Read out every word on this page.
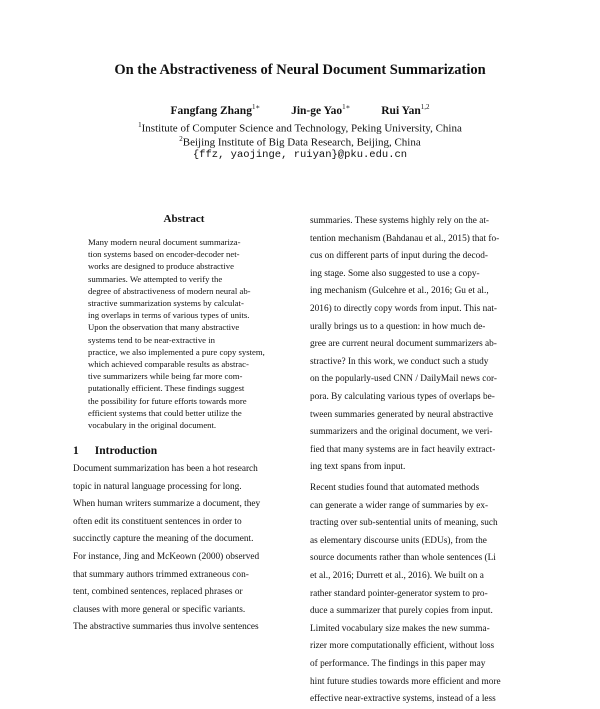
On the Abstractiveness of Neural Document Summarization
Fangfang Zhang$^{1∗}$	Jin-ge Yao$^{1∗}$	Rui Yan$^{1,2}$
$^1$Institute of Computer Science and Technology, Peking University, China
$^2$Beijing Institute of Big Data Research, Beijing, China
{ffz, yaojinge, ruiyan}@pku.edu.cn
Abstract
Many modern neural document summariza-
tion systems based on encoder-decoder net-
works are designed to produce abstractive
summaries. We attempted to verify the
degree of abstractiveness of modern neural ab-
stractive summarization systems by calculat-
ing overlaps in terms of various types of units.
Upon the observation that many abstractive
systems tend to be near-extractive in
practice, we also implemented a pure copy system,
which achieved comparable results as abstrac-
tive summarizers while being far more com-
putationally efficient. These findings suggest
the possibility for future efforts towards more
efficient systems that could better utilize the
vocabulary in the original document.
1 Introduction
Document summarization has been a hot research
topic in natural language processing for long.
When human writers summarize a document, they
often edit its constituent sentences in order to
succinctly capture the meaning of the document.
For instance, Jing and McKeown (2000) observed
that summary authors trimmed extraneous con-
tent, combined sentences, replaced phrases or
clauses with more general or specific variants.
The abstractive summaries thus involve sentences
summaries. These systems highly rely on the at-
tention mechanism (Bahdanau et al., 2015) that fo-
cus on different parts of input during the decod-
ing stage. Some also suggested to use a copy-
ing mechanism (Gulcehre et al., 2016; Gu et al.,
2016) to directly copy words from input. This nat-
urally brings us to a question: in how much de-
gree are current neural document summarizers ab-
stractive? In this work, we conduct such a study
on the popularly-used CNN / DailyMail news cor-
pora. By calculating various types of overlaps be-
tween summaries generated by neural abstractive
summarizers and the original document, we veri-
fied that many systems are in fact heavily extract-
ing text spans from input.
Recent studies found that automated methods
can generate a wider range of summaries by ex-
tracting over sub-sentential units of meaning, such
as elementary discourse units (EDUs), from the
source documents rather than whole sentences (Li
et al., 2016; Durrett et al., 2016). We built on a
rather standard pointer-generator system to pro-
duce a summarizer that purely copies from input.
Limited vocabulary size makes the new summa-
rizer more computationally efficient, without loss
of performance. The findings in this paper may
hint future studies towards more efficient and more
effective near-extractive systems, instead of a less
